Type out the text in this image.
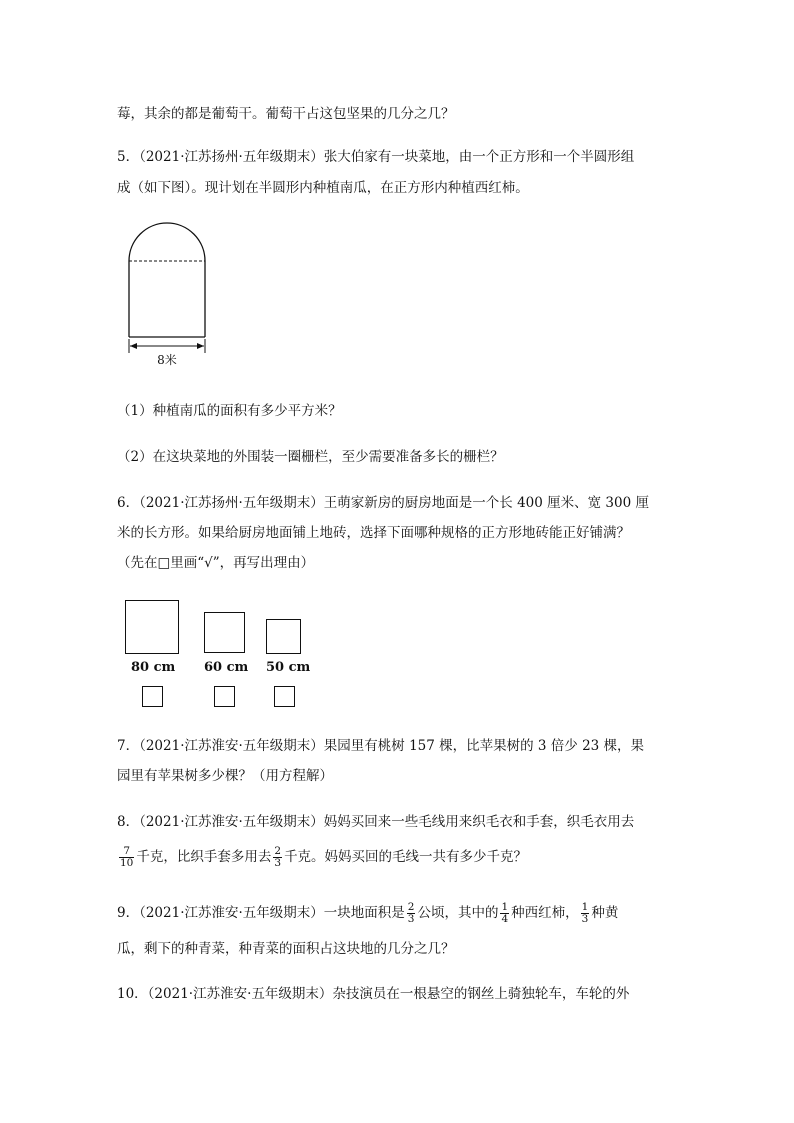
莓，其余的都是葡萄干。葡萄干占这包坚果的几分之几？
5．（2021·江苏扬州·五年级期末）张大伯家有一块菜地，由一个正方形和一个半圆形组
成（如下图）。现计划在半圆形内种植南瓜，在正方形内种植西红柿。
8米
（1）种植南瓜的面积有多少平方米？
（2）在这块菜地的外围装一圈栅栏，至少需要准备多长的栅栏？
6．（2021·江苏扬州·五年级期末）王萌家新房的厨房地面是一个长 400 厘米、宽 300 厘
米的长方形。如果给厨房地面铺上地砖，选择下面哪种规格的正方形地砖能正好铺满？
（先在□里画“√”，再写出理由）
80 cm 60 cm 50 cm
7．（2021·江苏淮安·五年级期末）果园里有桃树 157 棵，比苹果树的 3 倍少 23 棵，果
园里有苹果树多少棵？（用方程解）
8．（2021·江苏淮安·五年级期末）妈妈买回来一些毛线用来织毛衣和手套，织毛衣用去
$\frac{7}{10}$ 千克，比织手套多用去 $\frac{2}{3}$ 千克。妈妈买回的毛线一共有多少千克？
9．（2021·江苏淮安·五年级期末）一块地面积是 $\frac{2}{3}$ 公顷，其中的 $\frac{1}{4}$ 种西红柿， $\frac{1}{3}$ 种黄
瓜，剩下的种青菜，种青菜的面积占这块地的几分之几？
10．（2021·江苏淮安·五年级期末）杂技演员在一根悬空的钢丝上骑独轮车，车轮的外
